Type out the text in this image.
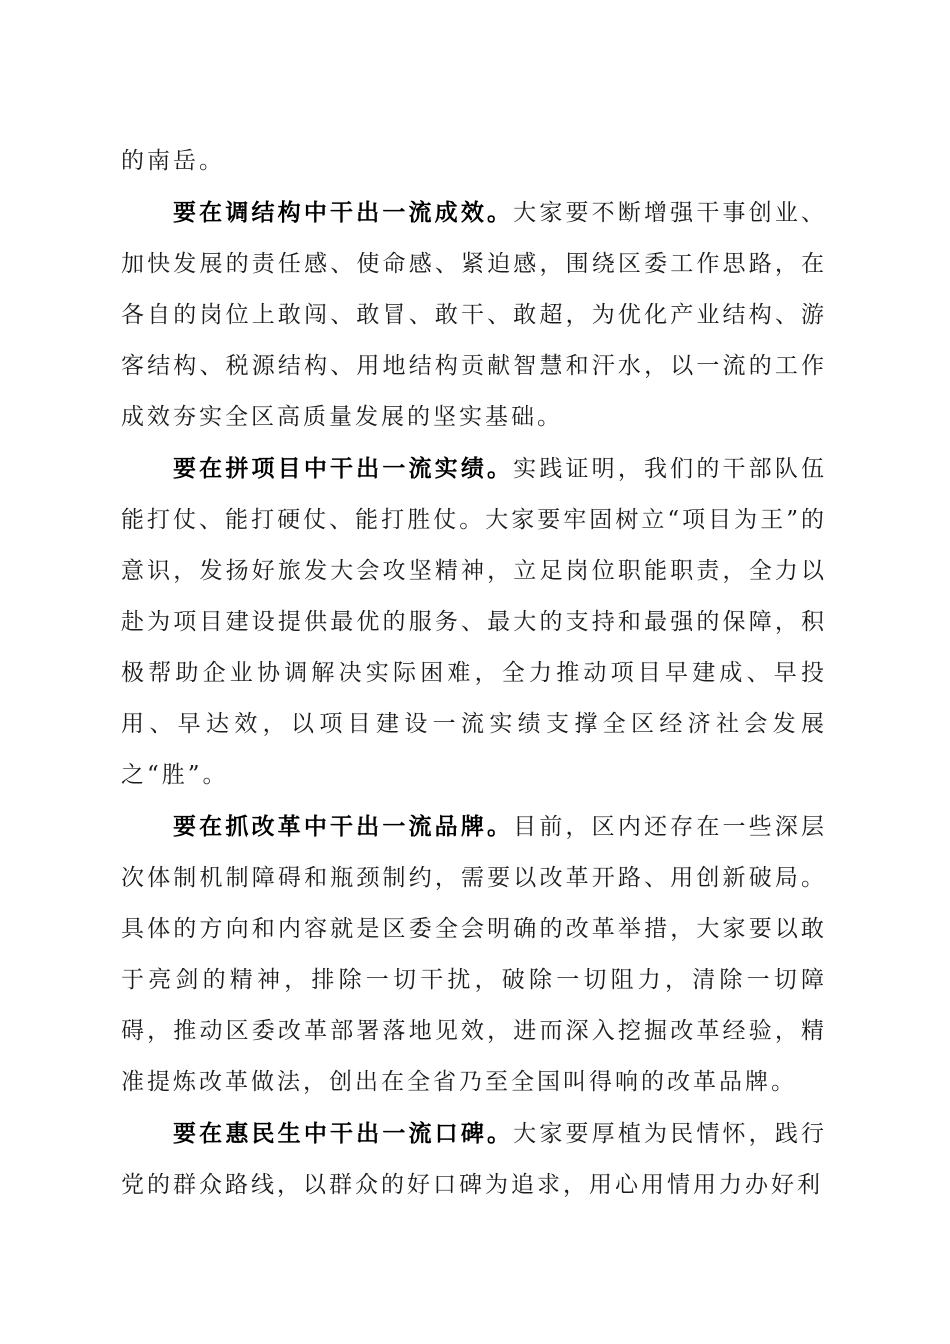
的南岳。

要在调结构中干出一流成效。大家要不断增强干事创业、加快发展的责任感、使命感、紧迫感，围绕区委工作思路，在各自的岗位上敢闯、敢冒、敢干、敢超，为优化产业结构、游客结构、税源结构、用地结构贡献智慧和汗水，以一流的工作成效夯实全区高质量发展的坚实基础。

要在拼项目中干出一流实绩。实践证明，我们的干部队伍能打仗、能打硬仗、能打胜仗。大家要牢固树立“项目为王”的意识，发扬好旅发大会攻坚精神，立足岗位职能职责，全力以赴为项目建设提供最优的服务、最大的支持和最强的保障，积极帮助企业协调解决实际困难，全力推动项目早建成、早投用、早达效，以项目建设一流实绩支撑全区经济社会发展之“胜”。

要在抓改革中干出一流品牌。目前，区内还存在一些深层次体制机制障碍和瓶颈制约，需要以改革开路、用创新破局。具体的方向和内容就是区委全会明确的改革举措，大家要以敢于亮剑的精神，排除一切干扰，破除一切阻力，清除一切障碍，推动区委改革部署落地见效，进而深入挖掘改革经验，精准提炼改革做法，创出在全省乃至全国叫得响的改革品牌。

要在惠民生中干出一流口碑。大家要厚植为民情怀，践行党的群众路线，以群众的好口碑为追求，用心用情用力办好利
